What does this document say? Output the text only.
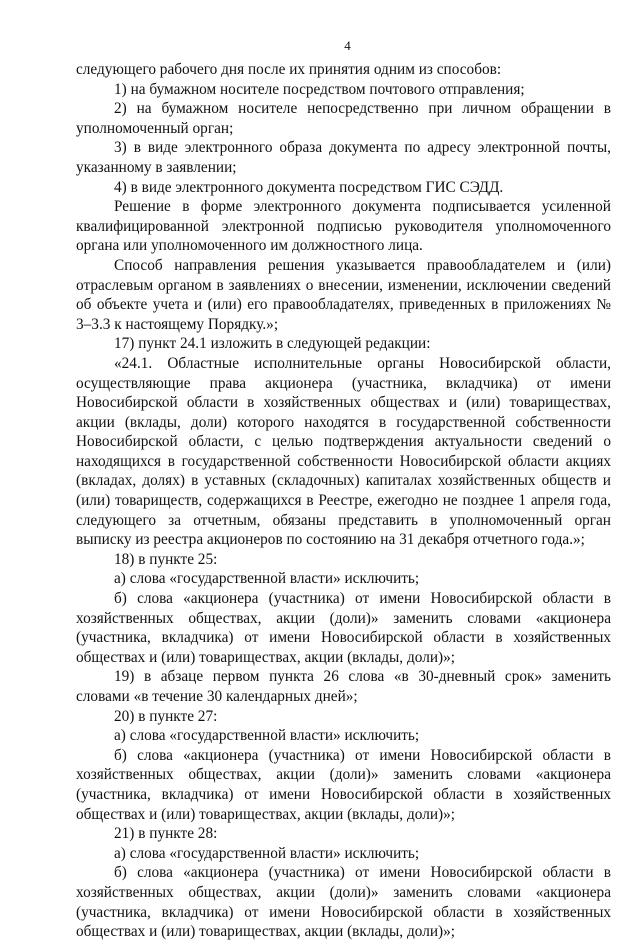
4

следующего рабочего дня после их принятия одним из способов:

1) на бумажном носителе посредством почтового отправления;

2) на бумажном носителе непосредственно при личном обращении в уполномоченный орган;

3) в виде электронного образа документа по адресу электронной почты, указанному в заявлении;

4) в виде электронного документа посредством ГИС СЭДД.

Решение в форме электронного документа подписывается усиленной квалифицированной электронной подписью руководителя уполномоченного органа или уполномоченного им должностного лица.

Способ направления решения указывается правообладателем и (или) отраслевым органом в заявлениях о внесении, изменении, исключении сведений об объекте учета и (или) его правообладателях, приведенных в приложениях № 3–3.3 к настоящему Порядку.»;

17) пункт 24.1 изложить в следующей редакции:

«24.1. Областные исполнительные органы Новосибирской области, осуществляющие права акционера (участника, вкладчика) от имени Новосибирской области в хозяйственных обществах и (или) товариществах, акции (вклады, доли) которого находятся в государственной собственности Новосибирской области, с целью подтверждения актуальности сведений о находящихся в государственной собственности Новосибирской области акциях (вкладах, долях) в уставных (складочных) капиталах хозяйственных обществ и (или) товариществ, содержащихся в Реестре, ежегодно не позднее 1 апреля года, следующего за отчетным, обязаны представить в уполномоченный орган выписку из реестра акционеров по состоянию на 31 декабря отчетного года.»;

18) в пункте 25:

а) слова «государственной власти» исключить;

б) слова «акционера (участника) от имени Новосибирской области в хозяйственных обществах, акции (доли)» заменить словами «акционера (участника, вкладчика) от имени Новосибирской области в хозяйственных обществах и (или) товариществах, акции (вклады, доли)»;

19) в абзаце первом пункта 26 слова «в 30-дневный срок» заменить словами «в течение 30 календарных дней»;

20) в пункте 27:

а) слова «государственной власти» исключить;

б) слова «акционера (участника) от имени Новосибирской области в хозяйственных обществах, акции (доли)» заменить словами «акционера (участника, вкладчика) от имени Новосибирской области в хозяйственных обществах и (или) товариществах, акции (вклады, доли)»;

21) в пункте 28:

а) слова «государственной власти» исключить;

б) слова «акционера (участника) от имени Новосибирской области в хозяйственных обществах, акции (доли)» заменить словами «акционера (участника, вкладчика) от имени Новосибирской области в хозяйственных обществах и (или) товариществах, акции (вклады, доли)»;
